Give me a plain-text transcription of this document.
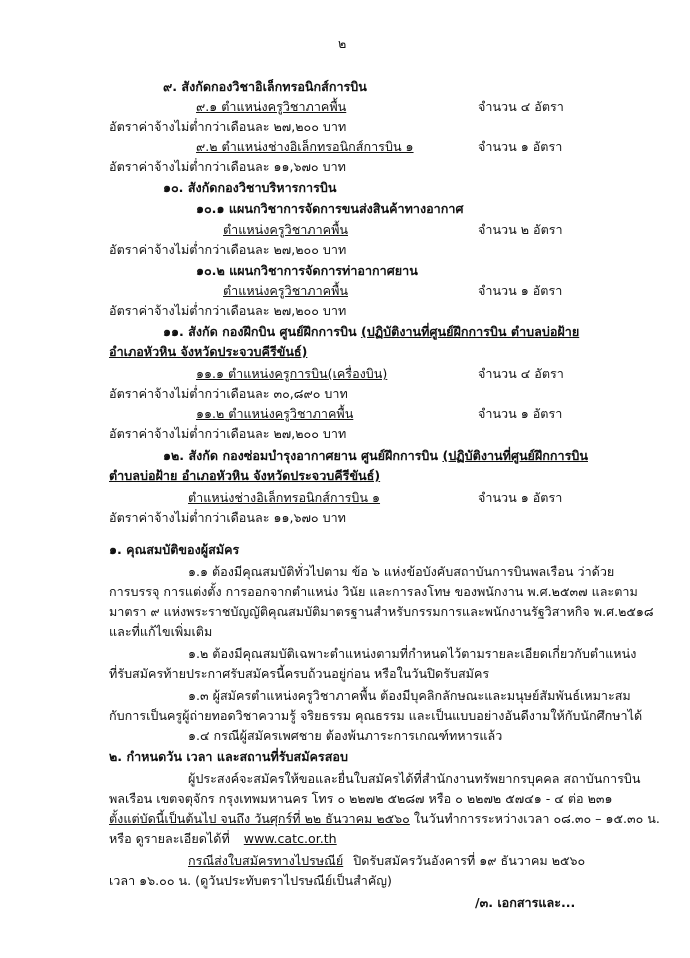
๒
๙. สังกัดกองวิชาอิเล็กทรอนิกส์การบิน
๙.๑ ตำแหน่งครูวิชาภาคพื้น	จำนวน ๔ อัตรา
อัตราค่าจ้างไม่ต่ำกว่าเดือนละ ๒๗,๒๐๐ บาท
๙.๒ ตำแหน่งช่างอิเล็กทรอนิกส์การบิน ๑	จำนวน ๑ อัตรา
อัตราค่าจ้างไม่ต่ำกว่าเดือนละ ๑๑,๖๗๐ บาท
๑๐. สังกัดกองวิชาบริหารการบิน
๑๐.๑ แผนกวิชาการจัดการขนส่งสินค้าทางอากาศ
ตำแหน่งครูวิชาภาคพื้น	จำนวน ๒ อัตรา
อัตราค่าจ้างไม่ต่ำกว่าเดือนละ ๒๗,๒๐๐ บาท
๑๐.๒ แผนกวิชาการจัดการท่าอากาศยาน
ตำแหน่งครูวิชาภาคพื้น	จำนวน ๑ อัตรา
อัตราค่าจ้างไม่ต่ำกว่าเดือนละ ๒๗,๒๐๐ บาท
๑๑. สังกัด กองฝึกบิน ศูนย์ฝึกการบิน (ปฏิบัติงานที่ศูนย์ฝึกการบิน ตำบลบ่อฝ้าย
อำเภอหัวหิน จังหวัดประจวบคีรีขันธ์)
๑๑.๑ ตำแหน่งครูการบิน(เครื่องบิน)	จำนวน ๔ อัตรา
อัตราค่าจ้างไม่ต่ำกว่าเดือนละ ๓๐,๘๙๐ บาท
๑๑.๒ ตำแหน่งครูวิชาภาคพื้น	จำนวน ๑ อัตรา
อัตราค่าจ้างไม่ต่ำกว่าเดือนละ ๒๗,๒๐๐ บาท
๑๒. สังกัด กองซ่อมบำรุงอากาศยาน ศูนย์ฝึกการบิน (ปฏิบัติงานที่ศูนย์ฝึกการบิน
ตำบลบ่อฝ้าย อำเภอหัวหิน จังหวัดประจวบคีรีขันธ์)
ตำแหน่งช่างอิเล็กทรอนิกส์การบิน ๑	จำนวน ๑ อัตรา
อัตราค่าจ้างไม่ต่ำกว่าเดือนละ ๑๑,๖๗๐ บาท
๑. คุณสมบัติของผู้สมัคร
๑.๑ ต้องมีคุณสมบัติทั่วไปตาม ข้อ ๖ แห่งข้อบังคับสถาบันการบินพลเรือน ว่าด้วย
การบรรจุ การแต่งตั้ง การออกจากตำแหน่ง วินัย และการลงโทษ ของพนักงาน พ.ศ.๒๕๓๗ และตาม
มาตรา ๙ แห่งพระราชบัญญัติคุณสมบัติมาตรฐานสำหรับกรรมการและพนักงานรัฐวิสาหกิจ พ.ศ.๒๕๑๘
และที่แก้ไขเพิ่มเติม
๑.๒ ต้องมีคุณสมบัติเฉพาะตำแหน่งตามที่กำหนดไว้ตามรายละเอียดเกี่ยวกับตำแหน่ง
ที่รับสมัครท้ายประกาศรับสมัครนี้ครบถ้วนอยู่ก่อน หรือในวันปิดรับสมัคร
๑.๓ ผู้สมัครตำแหน่งครูวิชาภาคพื้น ต้องมีบุคลิกลักษณะและมนุษย์สัมพันธ์เหมาะสม
กับการเป็นครูผู้ถ่ายทอดวิชาความรู้ จริยธรรม คุณธรรม และเป็นแบบอย่างอันดีงามให้กับนักศึกษาได้
๑.๔ กรณีผู้สมัครเพศชาย ต้องพ้นภาระการเกณฑ์ทหารแล้ว
๒. กำหนดวัน เวลา และสถานที่รับสมัครสอบ
ผู้ประสงค์จะสมัครให้ขอและยื่นใบสมัครได้ที่สำนักงานทรัพยากรบุคคล สถาบันการบิน
พลเรือน เขตจตุจักร กรุงเทพมหานคร โทร ๐ ๒๒๗๒ ๕๒๘๗ หรือ ๐ ๒๒๗๒ ๕๗๔๑ - ๔ ต่อ ๒๓๑
ตั้งแต่บัดนี้เป็นต้นไป จนถึง วันศุกร์ที่ ๒๒ ธันวาคม ๒๕๖๐ ในวันทำการระหว่างเวลา ๐๘.๓๐ – ๑๕.๓๐ น.
หรือ ดูรายละเอียดได้ที่ www.catc.or.th
กรณีส่งใบสมัครทางไปรษณีย์ ปิดรับสมัครวันอังคารที่ ๑๙ ธันวาคม ๒๕๖๐
เวลา ๑๖.๐๐ น. (ดูวันประทับตราไปรษณีย์เป็นสำคัญ)
/๓. เอกสารและ...
